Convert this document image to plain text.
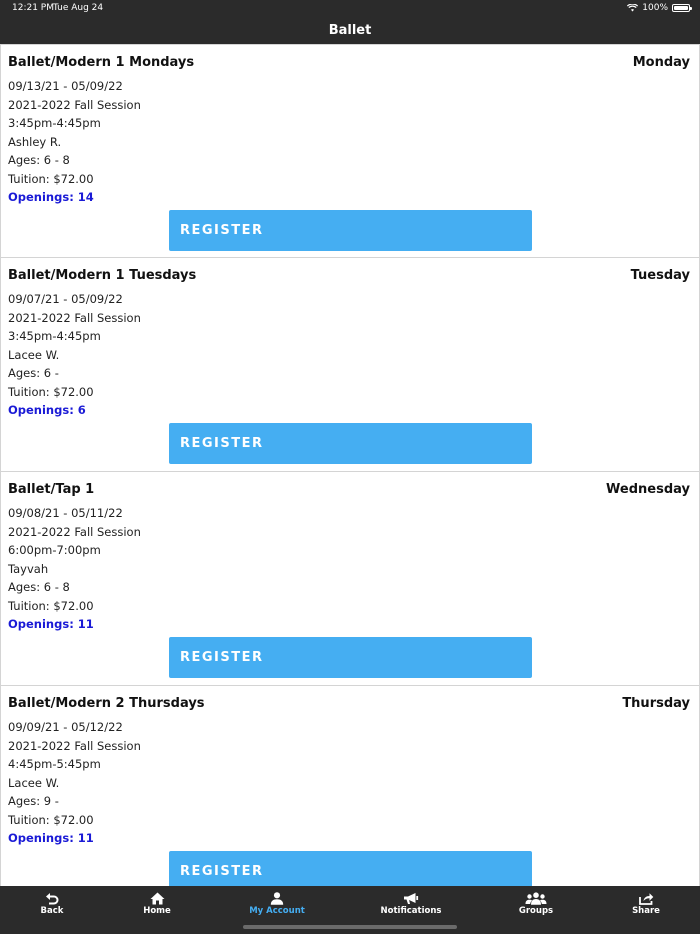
12:21 PM Tue Aug 24	100%
Ballet
Ballet/Modern 1 Mondays	Monday
09/13/21 - 05/09/22
2021-2022 Fall Session
3:45pm-4:45pm
Ashley R.
Ages: 6 - 8
Tuition: $72.00
Openings: 14
REGISTER
Ballet/Modern 1 Tuesdays	Tuesday
09/07/21 - 05/09/22
2021-2022 Fall Session
3:45pm-4:45pm
Lacee W.
Ages: 6 -
Tuition: $72.00
Openings: 6
REGISTER
Ballet/Tap 1	Wednesday
09/08/21 - 05/11/22
2021-2022 Fall Session
6:00pm-7:00pm
Tayvah
Ages: 6 - 8
Tuition: $72.00
Openings: 11
REGISTER
Ballet/Modern 2 Thursdays	Thursday
09/09/21 - 05/12/22
2021-2022 Fall Session
4:45pm-5:45pm
Lacee W.
Ages: 9 -
Tuition: $72.00
Openings: 11
REGISTER
Back	Home	My Account	Notifications	Groups	Share
